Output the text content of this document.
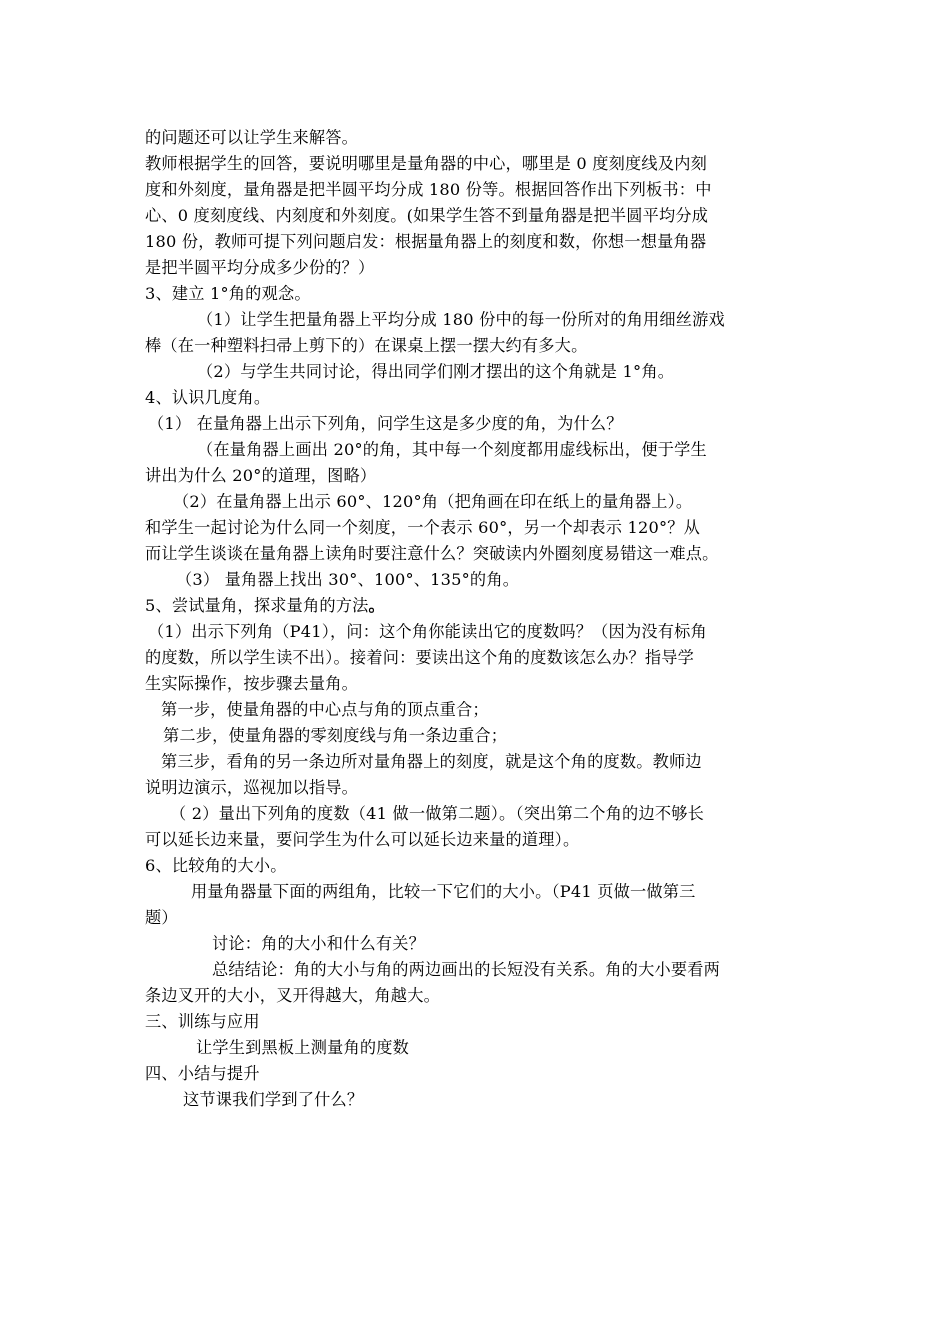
的问题还可以让学生来解答。
教师根据学生的回答，要说明哪里是量角器的中心，哪里是 0 度刻度线及内刻
度和外刻度，量角器是把半圆平均分成 180 份等。根据回答作出下列板书：中
心、0 度刻度线、内刻度和外刻度。(如果学生答不到量角器是把半圆平均分成
180 份，教师可提下列问题启发：根据量角器上的刻度和数，你想一想量角器
是把半圆平均分成多少份的？）
3、建立 1°角的观念。
（1）让学生把量角器上平均分成 180 份中的每一份所对的角用细丝游戏
棒（在一种塑料扫帚上剪下的）在课桌上摆一摆大约有多大。
（2）与学生共同讨论，得出同学们刚才摆出的这个角就是 1°角。
4、认识几度角。
（1） 在量角器上出示下列角，问学生这是多少度的角，为什么？
（在量角器上画出 20°的角，其中每一个刻度都用虚线标出，便于学生
讲出为什么 20°的道理，图略）
（2）在量角器上出示 60°、120°角（把角画在印在纸上的量角器上）。
和学生一起讨论为什么同一个刻度，一个表示 60°，另一个却表示 120°？从
而让学生谈谈在量角器上读角时要注意什么？突破读内外圈刻度易错这一难点。
（3） 量角器上找出 30°、100°、135°的角。
5、尝试量角，探求量角的方法。
（1）出示下列角（P41），问：这个角你能读出它的度数吗？（因为没有标角
的度数，所以学生读不出）。接着问：要读出这个角的度数该怎么办？指导学
生实际操作，按步骤去量角。
第一步，使量角器的中心点与角的顶点重合；
第二步，使量角器的零刻度线与角一条边重合；
第三步，看角的另一条边所对量角器上的刻度，就是这个角的度数。教师边
说明边演示，巡视加以指导。
（ 2）量出下列角的度数（41 做一做第二题）。（突出第二个角的边不够长
可以延长边来量，要问学生为什么可以延长边来量的道理）。
6、比较角的大小。
用量角器量下面的两组角，比较一下它们的大小。（P41 页做一做第三
题）
讨论：角的大小和什么有关？
总结结论：角的大小与角的两边画出的长短没有关系。角的大小要看两
条边叉开的大小，叉开得越大，角越大。
三、训练与应用
让学生到黑板上测量角的度数
四、小结与提升
这节课我们学到了什么？
